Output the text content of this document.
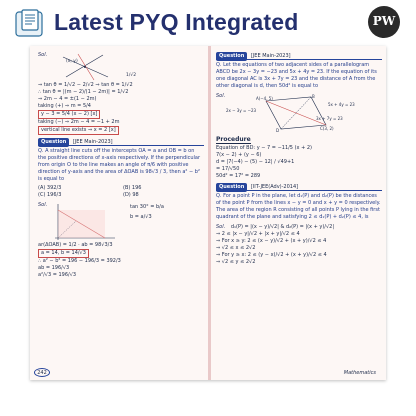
Latest PYQ Integrated	PW
Sol.
(x, y)
1/√2
⇒ tan θ = 1/√2 − 2/√2 ⇒ tan θ = 1/√2
∴ tan θ = |(m − 2)/(1 − 2m)| = 1/√2
⇒ 2m − 4 = ±(1 − 2m)
taking (+) ⇒ m = 5/4
y − 3 = 5/4 (x − 2) [x]
taking (−) ⇒ 2m − 4 = −1 + 2m
vertical line exists ⇒ x = 2 [x]
Question [JEE Main-2023]
Q. A straight line cuts off the intercepts OA = a and OB = b on the positive directions of x-axis respectively. If the perpendicular from origin O to the line makes an angle of π/6 with positive direction of y-axis and the area of ΔOAB is 98√3 / 3, then a² − b² is equal to
(A) 392/3	(B) 196
(C) 196/3	(D) 98
Sol.	tan 30° = b/a
b = a/√3
ar(ΔOAB) = 1/2 · ab = 98√3/3
a = 14, b = 14/√3
∴ a² − b² = 196 − 196/3 = 392/3
ab = 196/√3
a²/√3 = 196/√3
Question [JEE Main-2023]
Q. Let the equations of two adjacent sides of a parallelogram ABCD be 2x − 3y = −23 and 5x + 4y = 23. If the equation of its one diagonal AC is 3x + 7y = 23 and the distance of A from the other diagonal is d, then 50d² is equal to
Sol.
2x − 3y = −23
5x + 4y = 23
3x + 7y = 23
A(−4, 5)	B
C(3, 2)
D
Procedure
Equation of BD: y − 7 = −11/5 (x + 2)
7(x − 2) + (y − 6)
d = |7(−4) − (5) − 12| / √49+1
= 17/√50
50d² = 17² = 289
Question [IIT-JEE(Adv)-2014]
Q. For a point P in the plane, let d₁(P) and d₂(P) be the distances of the point P from the lines x − y = 0 and x + y = 0 respectively. The area of the region R consisting of all points P lying in the first quadrant of the plane and satisfying 2 ≤ d₁(P) + d₂(P) ≤ 4, is
Sol. d₁(P) = |(x − y)/√2| & d₂(P) = |(x + y)/√2|
⇒ 2 ≤ |x − y|/√2 + |x + y|/√2 ≤ 4
⇒ For x ≥ y: 2 ≤ (x − y)/√2 + (x + y)/√2 ≤ 4
⇒ √2 ≤ x ≤ 2√2
⇒ For y ≥ x: 2 ≤ (y − x)/√2 + (x + y)/√2 ≤ 4
⇒ √2 ≤ y ≤ 2√2
242	Mathematics
